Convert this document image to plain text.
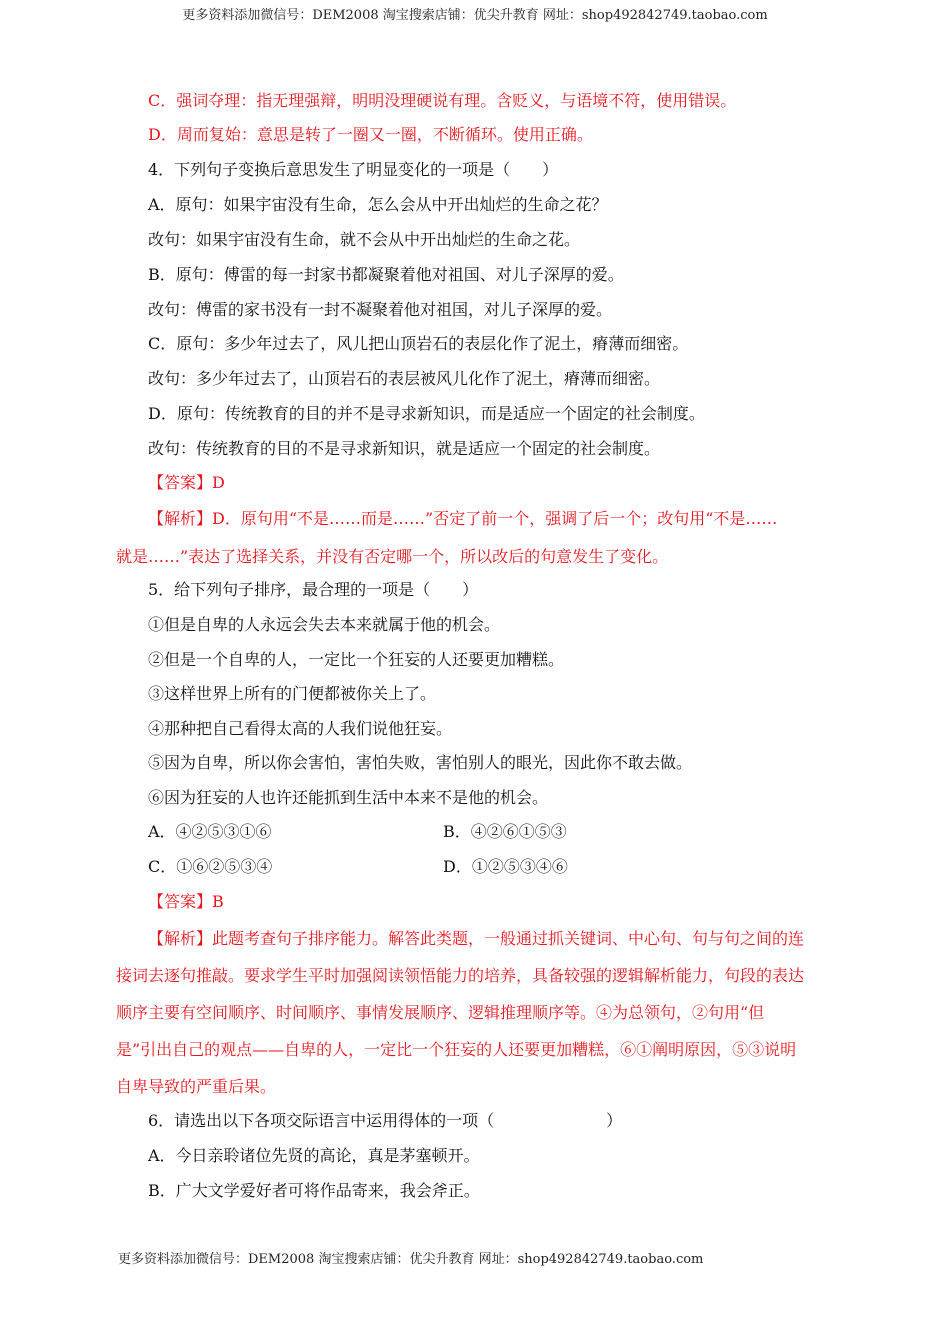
更多资料添加微信号：DEM2008 淘宝搜索店铺：优尖升教育 网址：shop492842749.taobao.com
C．强词夺理：指无理强辩，明明没理硬说有理。含贬义，与语境不符，使用错误。
D．周而复始：意思是转了一圈又一圈，不断循环。使用正确。
4．下列句子变换后意思发生了明显变化的一项是（　　）
A．原句：如果宇宙没有生命，怎么会从中开出灿烂的生命之花？
改句：如果宇宙没有生命，就不会从中开出灿烂的生命之花。
B．原句：傅雷的每一封家书都凝聚着他对祖国、对儿子深厚的爱。
改句：傅雷的家书没有一封不凝聚着他对祖国，对儿子深厚的爱。
C．原句：多少年过去了，风儿把山顶岩石的表层化作了泥土，瘠薄而细密。
改句：多少年过去了，山顶岩石的表层被风儿化作了泥土，瘠薄而细密。
D．原句：传统教育的目的并不是寻求新知识，而是适应一个固定的社会制度。
改句：传统教育的目的不是寻求新知识，就是适应一个固定的社会制度。
【答案】D
【解析】D．原句用“不是……而是……”否定了前一个，强调了后一个；改句用“不是……
就是……”表达了选择关系，并没有否定哪一个，所以改后的句意发生了变化。
5．给下列句子排序，最合理的一项是（　　）
①但是自卑的人永远会失去本来就属于他的机会。
②但是一个自卑的人，一定比一个狂妄的人还要更加糟糕。
③这样世界上所有的门便都被你关上了。
④那种把自己看得太高的人我们说他狂妄。
⑤因为自卑，所以你会害怕，害怕失败，害怕别人的眼光，因此你不敢去做。
⑥因为狂妄的人也许还能抓到生活中本来不是他的机会。
A．④②⑤③①⑥	B．④②⑥①⑤③
C．①⑥②⑤③④	D．①②⑤③④⑥
【答案】B
【解析】此题考查句子排序能力。解答此类题，一般通过抓关键词、中心句、句与句之间的连
接词去逐句推敲。要求学生平时加强阅读领悟能力的培养，具备较强的逻辑解析能力，句段的表达
顺序主要有空间顺序、时间顺序、事情发展顺序、逻辑推理顺序等。④为总领句，②句用“但
是”引出自己的观点——自卑的人，一定比一个狂妄的人还要更加糟糕，⑥①阐明原因，⑤③说明
自卑导致的严重后果。
6．请选出以下各项交际语言中运用得体的一项（　　　　　　　）
A．今日亲聆诸位先贤的高论，真是茅塞顿开。
B．广大文学爱好者可将作品寄来，我会斧正。
更多资料添加微信号：DEM2008 淘宝搜索店铺：优尖升教育 网址：shop492842749.taobao.com
